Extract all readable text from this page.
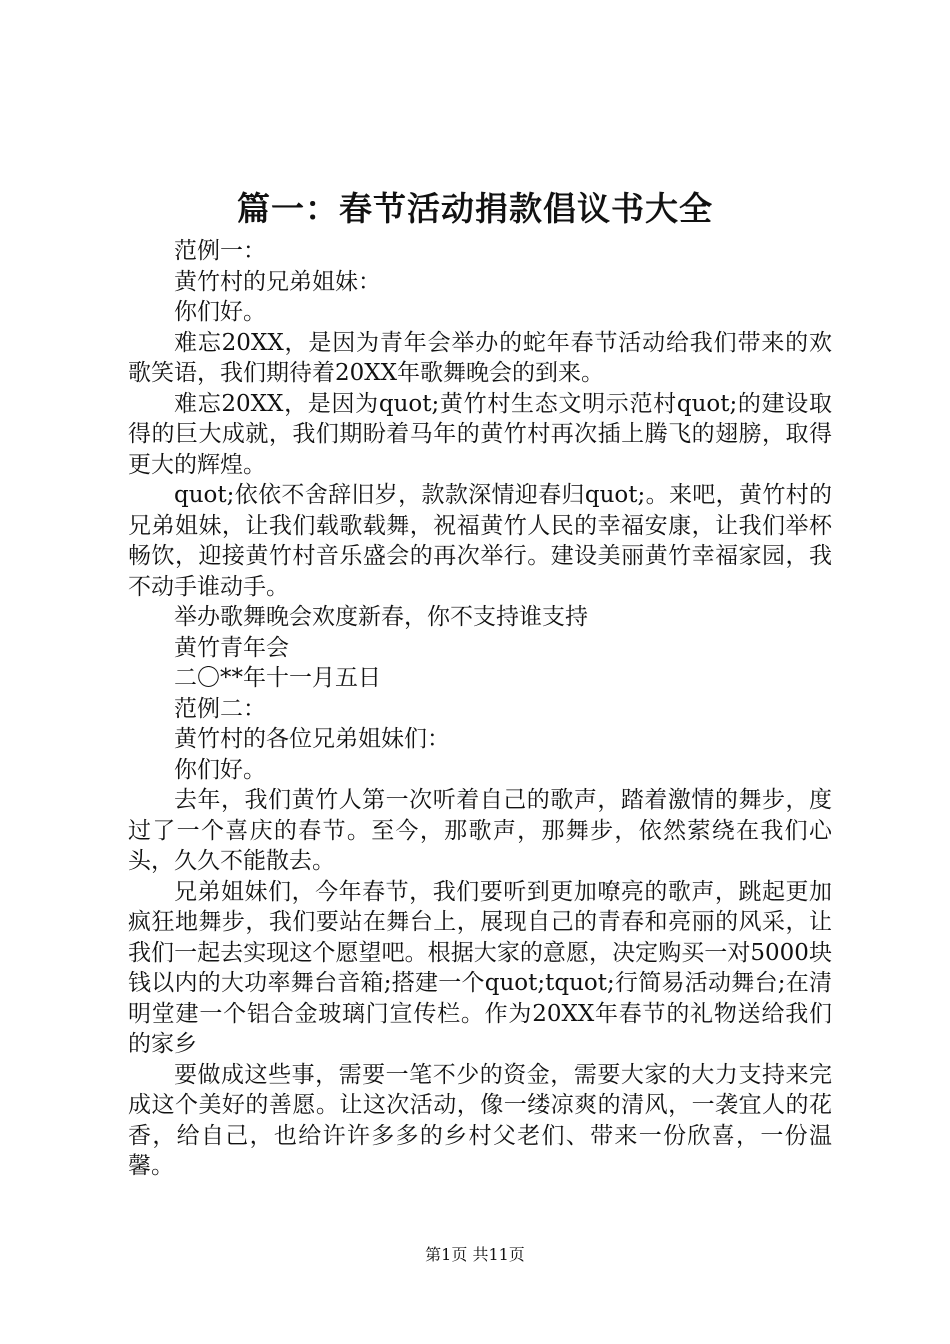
篇一：春节活动捐款倡议书大全

范例一：

黄竹村的兄弟姐妹：

你们好。

难忘20XX，是因为青年会举办的蛇年春节活动给我们带来的欢歌笑语，我们期待着20XX年歌舞晚会的到来。

难忘20XX，是因为quot;黄竹村生态文明示范村quot;的建设取得的巨大成就，我们期盼着马年的黄竹村再次插上腾飞的翅膀，取得更大的辉煌。

quot;依依不舍辞旧岁，款款深情迎春归quot;。来吧，黄竹村的兄弟姐妹，让我们载歌载舞，祝福黄竹人民的幸福安康，让我们举杯畅饮，迎接黄竹村音乐盛会的再次举行。建设美丽黄竹幸福家园，我不动手谁动手。

举办歌舞晚会欢度新春，你不支持谁支持

黄竹青年会

二〇**年十一月五日

范例二：

黄竹村的各位兄弟姐妹们：

你们好。

去年，我们黄竹人第一次听着自己的歌声，踏着激情的舞步，度过了一个喜庆的春节。至今，那歌声，那舞步，依然萦绕在我们心头，久久不能散去。

兄弟姐妹们，今年春节，我们要听到更加嘹亮的歌声，跳起更加疯狂地舞步，我们要站在舞台上，展现自己的青春和亮丽的风采，让我们一起去实现这个愿望吧。根据大家的意愿，决定购买一对5000块钱以内的大功率舞台音箱;搭建一个quot;tquot;行简易活动舞台;在清明堂建一个铝合金玻璃门宣传栏。作为20XX年春节的礼物送给我们的家乡

要做成这些事，需要一笔不少的资金，需要大家的大力支持来完成这个美好的善愿。让这次活动，像一缕凉爽的清风，一袭宜人的花香，给自己，也给许许多多的乡村父老们、带来一份欣喜，一份温馨。

第1页 共11页
